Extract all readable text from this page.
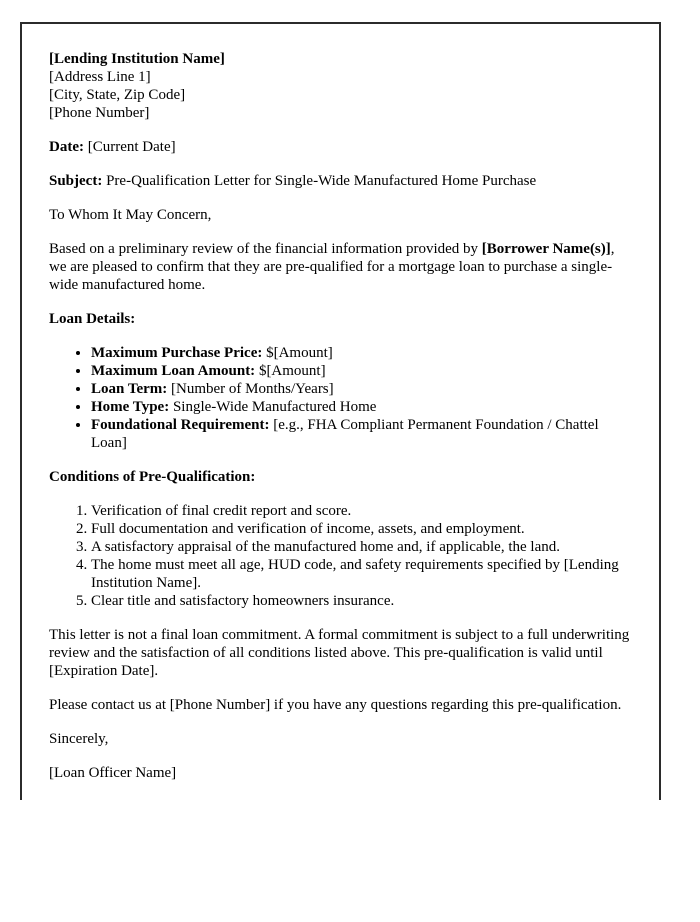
[Lending Institution Name]
[Address Line 1]
[City, State, Zip Code]
[Phone Number]

Date: [Current Date]

Subject: Pre-Qualification Letter for Single-Wide Manufactured Home Purchase

To Whom It May Concern,

Based on a preliminary review of the financial information provided by [Borrower Name(s)], we are pleased to confirm that they are pre-qualified for a mortgage loan to purchase a single-wide manufactured home.

Loan Details:

• Maximum Purchase Price: $[Amount]
• Maximum Loan Amount: $[Amount]
• Loan Term: [Number of Months/Years]
• Home Type: Single-Wide Manufactured Home
• Foundational Requirement: [e.g., FHA Compliant Permanent Foundation / Chattel Loan]

Conditions of Pre-Qualification:

1. Verification of final credit report and score.
2. Full documentation and verification of income, assets, and employment.
3. A satisfactory appraisal of the manufactured home and, if applicable, the land.
4. The home must meet all age, HUD code, and safety requirements specified by [Lending Institution Name].
5. Clear title and satisfactory homeowners insurance.

This letter is not a final loan commitment. A formal commitment is subject to a full underwriting review and the satisfaction of all conditions listed above. This pre-qualification is valid until [Expiration Date].

Please contact us at [Phone Number] if you have any questions regarding this pre-qualification.

Sincerely,

[Loan Officer Name]
